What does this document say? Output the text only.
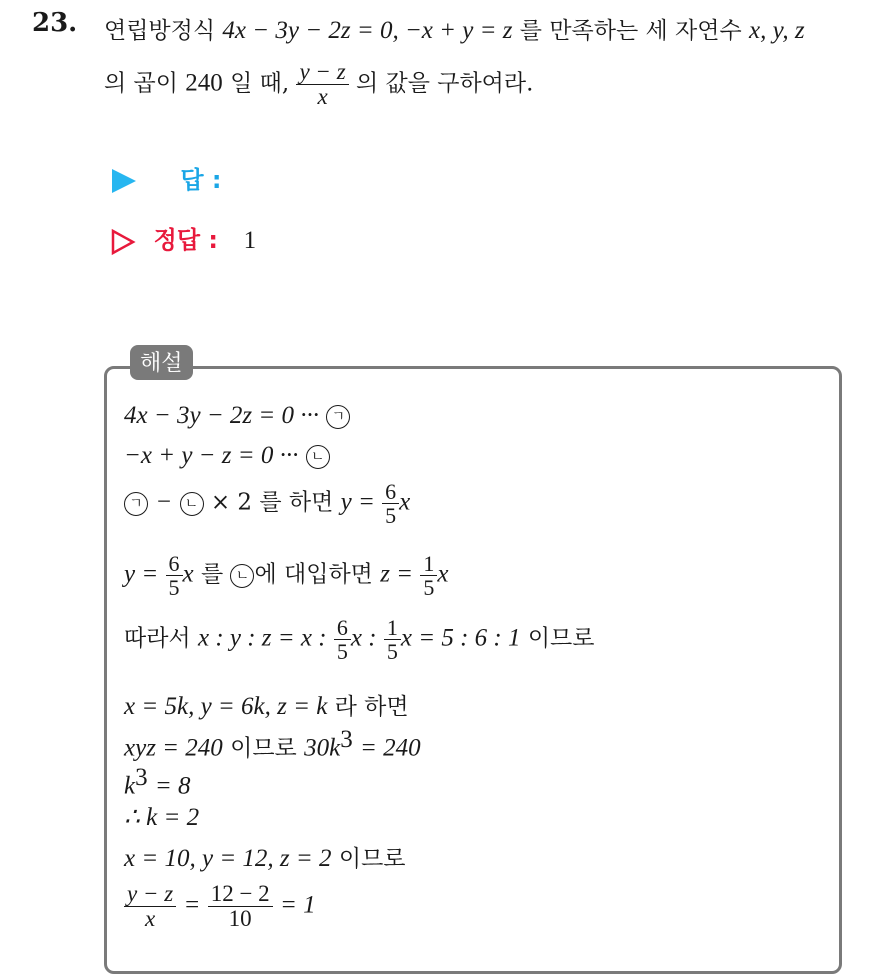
23. 연립방정식 4x − 3y − 2z = 0, −x + y = z 를 만족하는 세 자연수 x, y, z
의 곱이 240 일 때, $\frac{y - z}{x}$ 의 값을 구하여라.
답 :
정답 : 1
해설
4x − 3y − 2z = 0 ··· ㄱ
−x + y − z = 0 ··· ㄴ
ㄱ − ㄴ × 2 를 하면 $y = \frac{6}{5}$ x
$y = \frac{6}{5}$ x 를 ㄴ 에 대입하면 $z = \frac{1}{5}$ x
따라서 x : y : z = x : $\frac{6}{5}$ x : $\frac{1}{5}$ x = 5 : 6 : 1 이므로
x = 5k, y = 6k, z = k 라 하면
xyz = 240 이므로 $30k^3 = 240$
$k^3 = 8$
∴ k = 2
x = 10, y = 12, z = 2 이므로
$\frac{y - z}{x} = \frac{12 - 2}{10} = 1$
